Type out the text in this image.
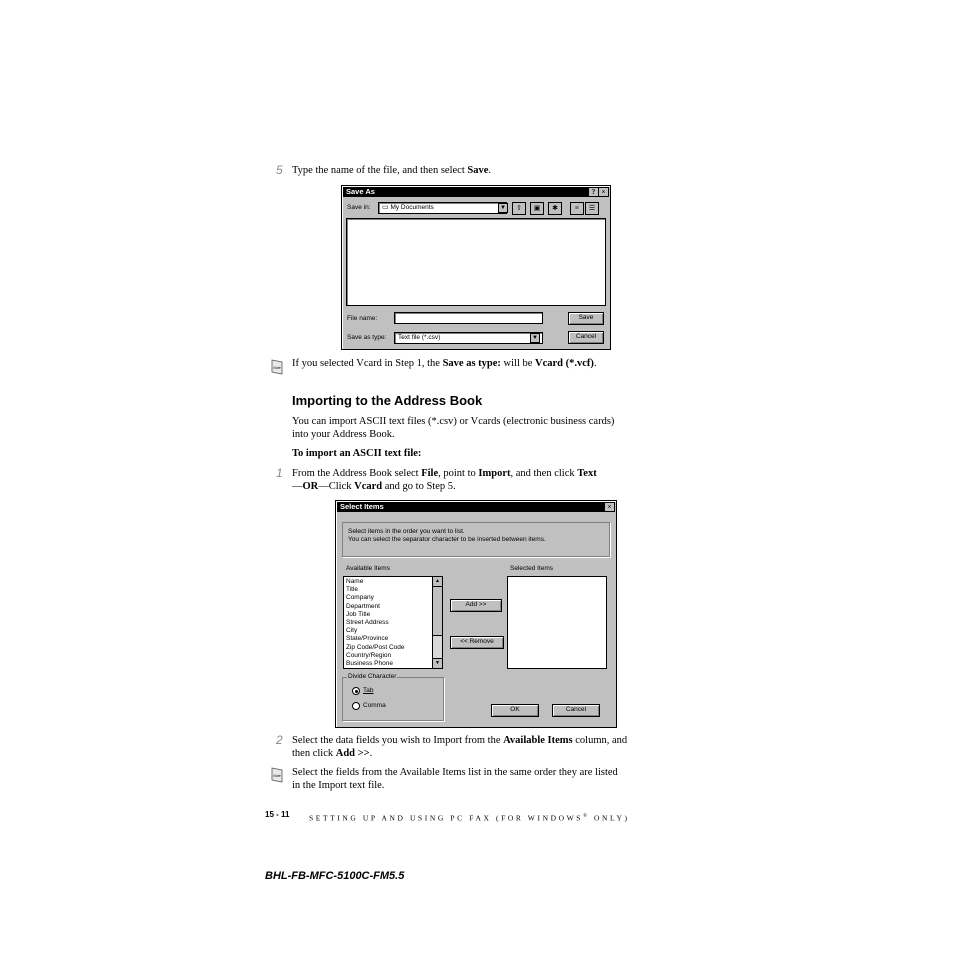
5 Type the name of the file, and then select Save.
Save As	? ×
Save in:	▭ My Documents	▼	⇧	▣	✱	≡	☰
File name:	Save
Save as type:	Text file (*.csv)	▼	Cancel
Note If you selected Vcard in Step 1, the Save as type: will be Vcard (*.vcf).
Importing to the Address Book
You can import ASCII text files (*.csv) or Vcards (electronic business cards)
into your Address Book.
To import an ASCII text file:
1 From the Address Book select File, point to Import, and then click Text
—OR—Click Vcard and go to Step 5.
Select Items	×
Select items in the order you want to list.
You can select the separator character to be inserted between items.
Available Items	Selected Items
Name
Title
Company
Department
Job Title
Street Address
City
State/Province
Zip Code/Post Code
Country/Region
Business Phone
▲
▼
Add >>
<< Remove
Divide Character
Tab
Comma
OK	Cancel
2 Select the data fields you wish to Import from the Available Items column, and
then click Add >>.
Note Select the fields from the Available Items list in the same order they are listed
in the Import text file.
15 - 11	SETTING UP AND USING PC FAX (FOR WINDOWS® ONLY)
BHL-FB-MFC-5100C-FM5.5
